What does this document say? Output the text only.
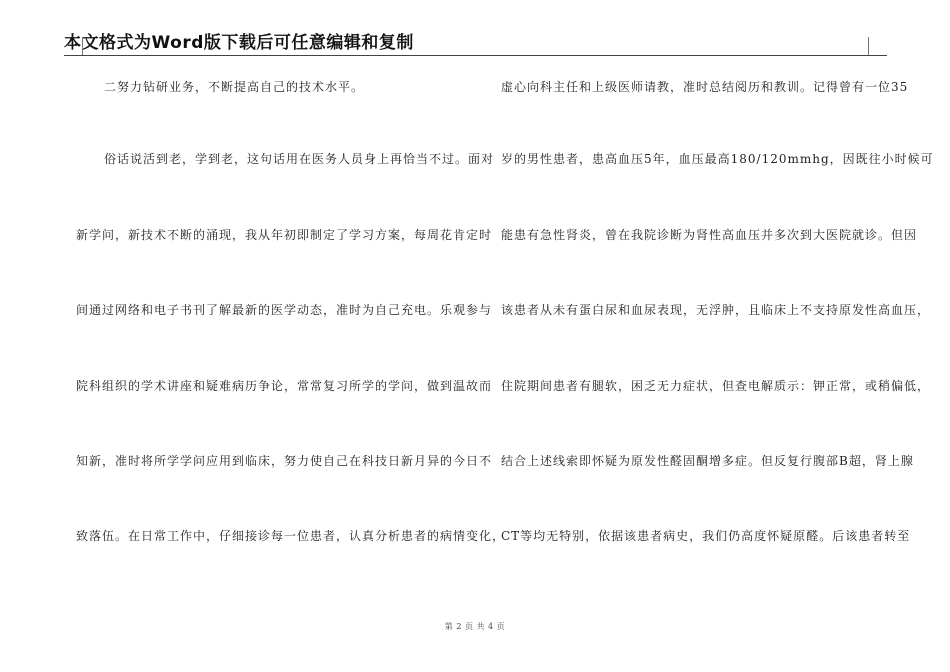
本文格式为Word版下载后可任意编辑和复制
二努力钻研业务，不断提高自己的技术水平。
俗话说活到老，学到老，这句话用在医务人员身上再恰当不过。面对
新学问，新技术不断的涌现，我从年初即制定了学习方案，每周花肯定时
间通过网络和电子书刊了解最新的医学动态，准时为自己充电。乐观参与
院科组织的学术讲座和疑难病历争论，常常复习所学的学问，做到温故而
知新，准时将所学学问应用到临床，努力使自己在科技日新月异的今日不
致落伍。在日常工作中，仔细接诊每一位患者，认真分析患者的病情变化，
虚心向科主任和上级医师请教，准时总结阅历和教训。记得曾有一位35
岁的男性患者，患高血压5年，血压最高180/120mmhg，因既往小时候可
能患有急性肾炎，曾在我院诊断为肾性高血压并多次到大医院就诊。但因
该患者从未有蛋白尿和血尿表现，无浮肿，且临床上不支持原发性高血压，
住院期间患者有腿软，困乏无力症状，但查电解质示：钾正常，或稍偏低，
结合上述线索即怀疑为原发性醛固酮增多症。但反复行腹部B超，肾上腺
CT等均无特别，依据该患者病史，我们仍高度怀疑原醛。后该患者转至
第 2 页 共 4 页
